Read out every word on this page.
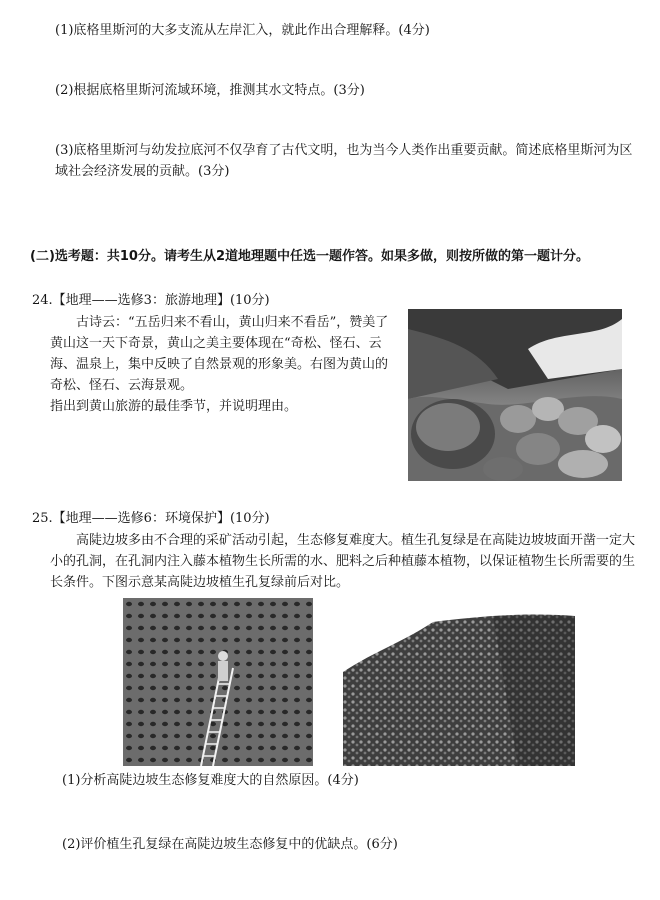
(1)底格里斯河的大多支流从左岸汇入，就此作出合理解释。(4分)
(2)根据底格里斯河流域环境，推测其水文特点。(3分)
(3)底格里斯河与幼发拉底河不仅孕育了古代文明，也为当今人类作出重要贡献。简述底格里斯河为区域社会经济发展的贡献。(3分)
(二)选考题：共10分。请考生从2道地理题中任选一题作答。如果多做，则按所做的第一题计分。
24.【地理——选修3：旅游地理】(10分)

古诗云：“五岳归来不看山，黄山归来不看岳”，赞美了黄山这一天下奇景，黄山之美主要体现在“奇松、怪石、云海、温泉上，集中反映了自然景观的形象美。右图为黄山的奇松、怪石、云海景观。

指出到黄山旅游的最佳季节，并说明理由。

25.【地理——选修6：环境保护】(10分)
高陡边坡多由不合理的采矿活动引起，生态修复难度大。植生孔复绿是在高陡边坡坡面开凿一定大小的孔洞，在孔洞内注入藤本植物生长所需的水、肥料之后种植藤本植物，以保证植物生长所需要的生长条件。下图示意某高陡边坡植生孔复绿前后对比。
(1)分析高陡边坡生态修复难度大的自然原因。(4分)
(2)评价植生孔复绿在高陡边坡生态修复中的优缺点。(6分)
